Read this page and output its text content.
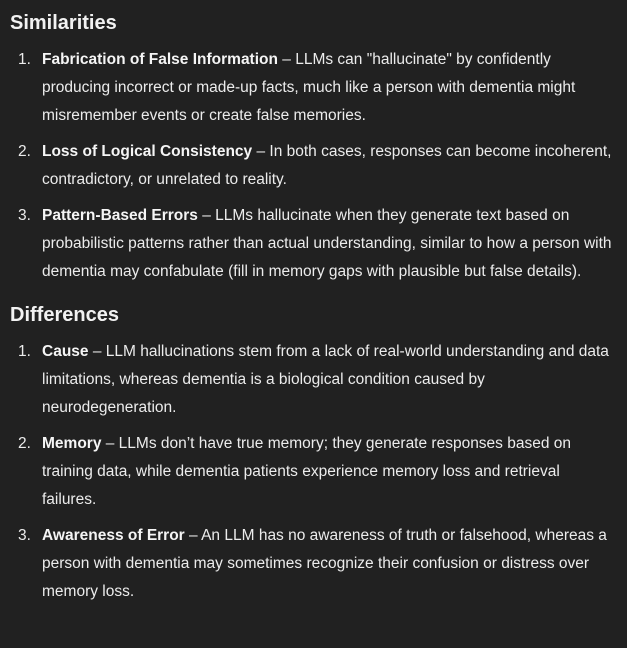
Similarities
1. Fabrication of False Information – LLMs can "hallucinate" by confidently producing incorrect or made-up facts, much like a person with dementia might misremember events or create false memories.
2. Loss of Logical Consistency – In both cases, responses can become incoherent, contradictory, or unrelated to reality.
3. Pattern-Based Errors – LLMs hallucinate when they generate text based on probabilistic patterns rather than actual understanding, similar to how a person with dementia may confabulate (fill in memory gaps with plausible but false details).
Differences
1. Cause – LLM hallucinations stem from a lack of real-world understanding and data limitations, whereas dementia is a biological condition caused by neurodegeneration.
2. Memory – LLMs don’t have true memory; they generate responses based on training data, while dementia patients experience memory loss and retrieval failures.
3. Awareness of Error – An LLM has no awareness of truth or falsehood, whereas a person with dementia may sometimes recognize their confusion or distress over memory loss.
